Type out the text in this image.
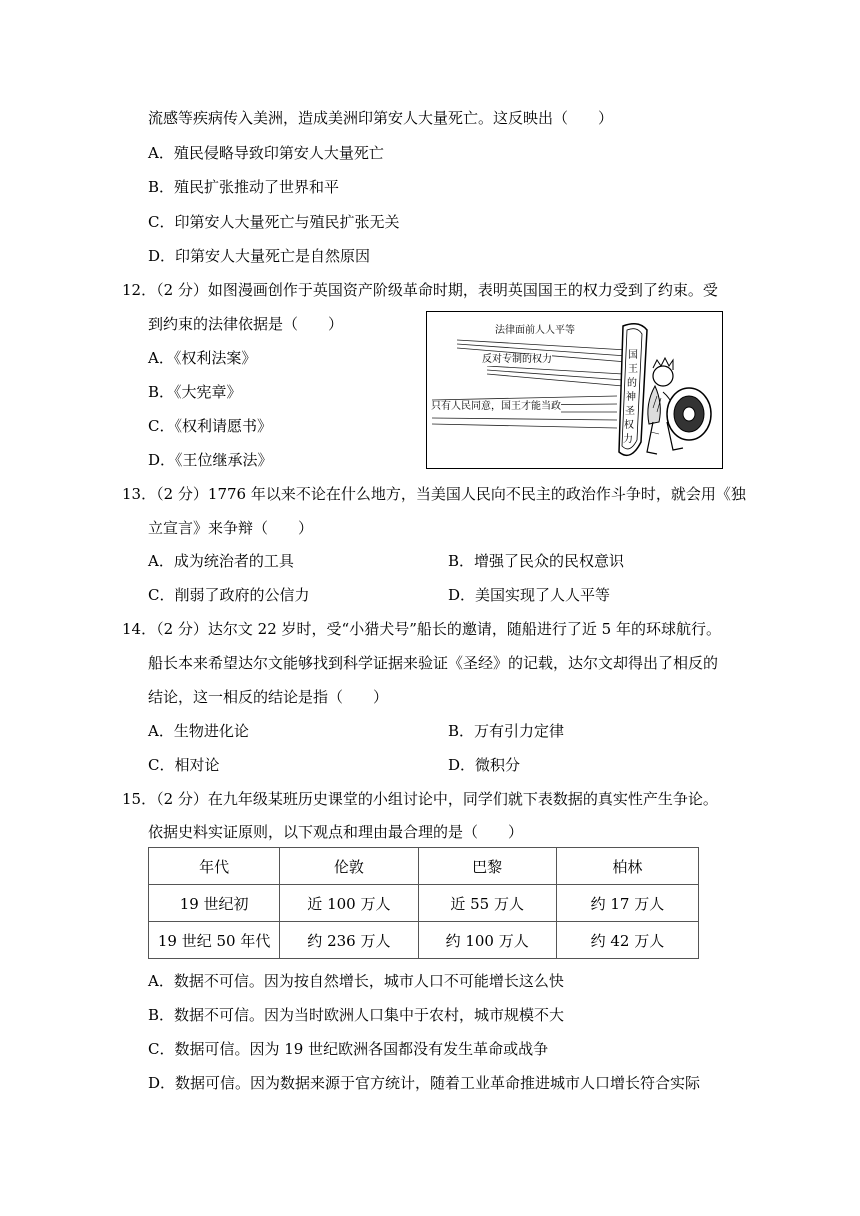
流感等疾病传入美洲，造成美洲印第安人大量死亡。这反映出（　　）
A．殖民侵略导致印第安人大量死亡
B．殖民扩张推动了世界和平
C．印第安人大量死亡与殖民扩张无关
D．印第安人大量死亡是自然原因
12．（2 分）如图漫画创作于英国资产阶级革命时期，表明英国国王的权力受到了约束。受
到约束的法律依据是（　　）
A．《权利法案》
B．《大宪章》
C．《权利请愿书》
D．《王位继承法》
法律面前人人平等
反对专制的权力
只有人民同意，国王才能当政
国
王
的
神
圣
权
力
13．（2 分）1776 年以来不论在什么地方，当美国人民向不民主的政治作斗争时，就会用《独
立宣言》来争辩（　　）
A．成为统治者的工具	B．增强了民众的民权意识
C．削弱了政府的公信力	D．美国实现了人人平等
14．（2 分）达尔文 22 岁时，受“小猎犬号”船长的邀请，随船进行了近 5 年的环球航行。
船长本来希望达尔文能够找到科学证据来验证《圣经》的记载，达尔文却得出了相反的
结论，这一相反的结论是指（　　）
A．生物进化论	B．万有引力定律
C．相对论	D．微积分
15．（2 分）在九年级某班历史课堂的小组讨论中，同学们就下表数据的真实性产生争论。
依据史料实证原则，以下观点和理由最合理的是（　　）
年代	伦敦	巴黎	柏林
19 世纪初	近 100 万人	近 55 万人	约 17 万人
19 世纪 50 年代	约 236 万人	约 100 万人	约 42 万人
A．数据不可信。因为按自然增长，城市人口不可能增长这么快
B．数据不可信。因为当时欧洲人口集中于农村，城市规模不大
C．数据可信。因为 19 世纪欧洲各国都没有发生革命或战争
D．数据可信。因为数据来源于官方统计，随着工业革命推进城市人口增长符合实际
